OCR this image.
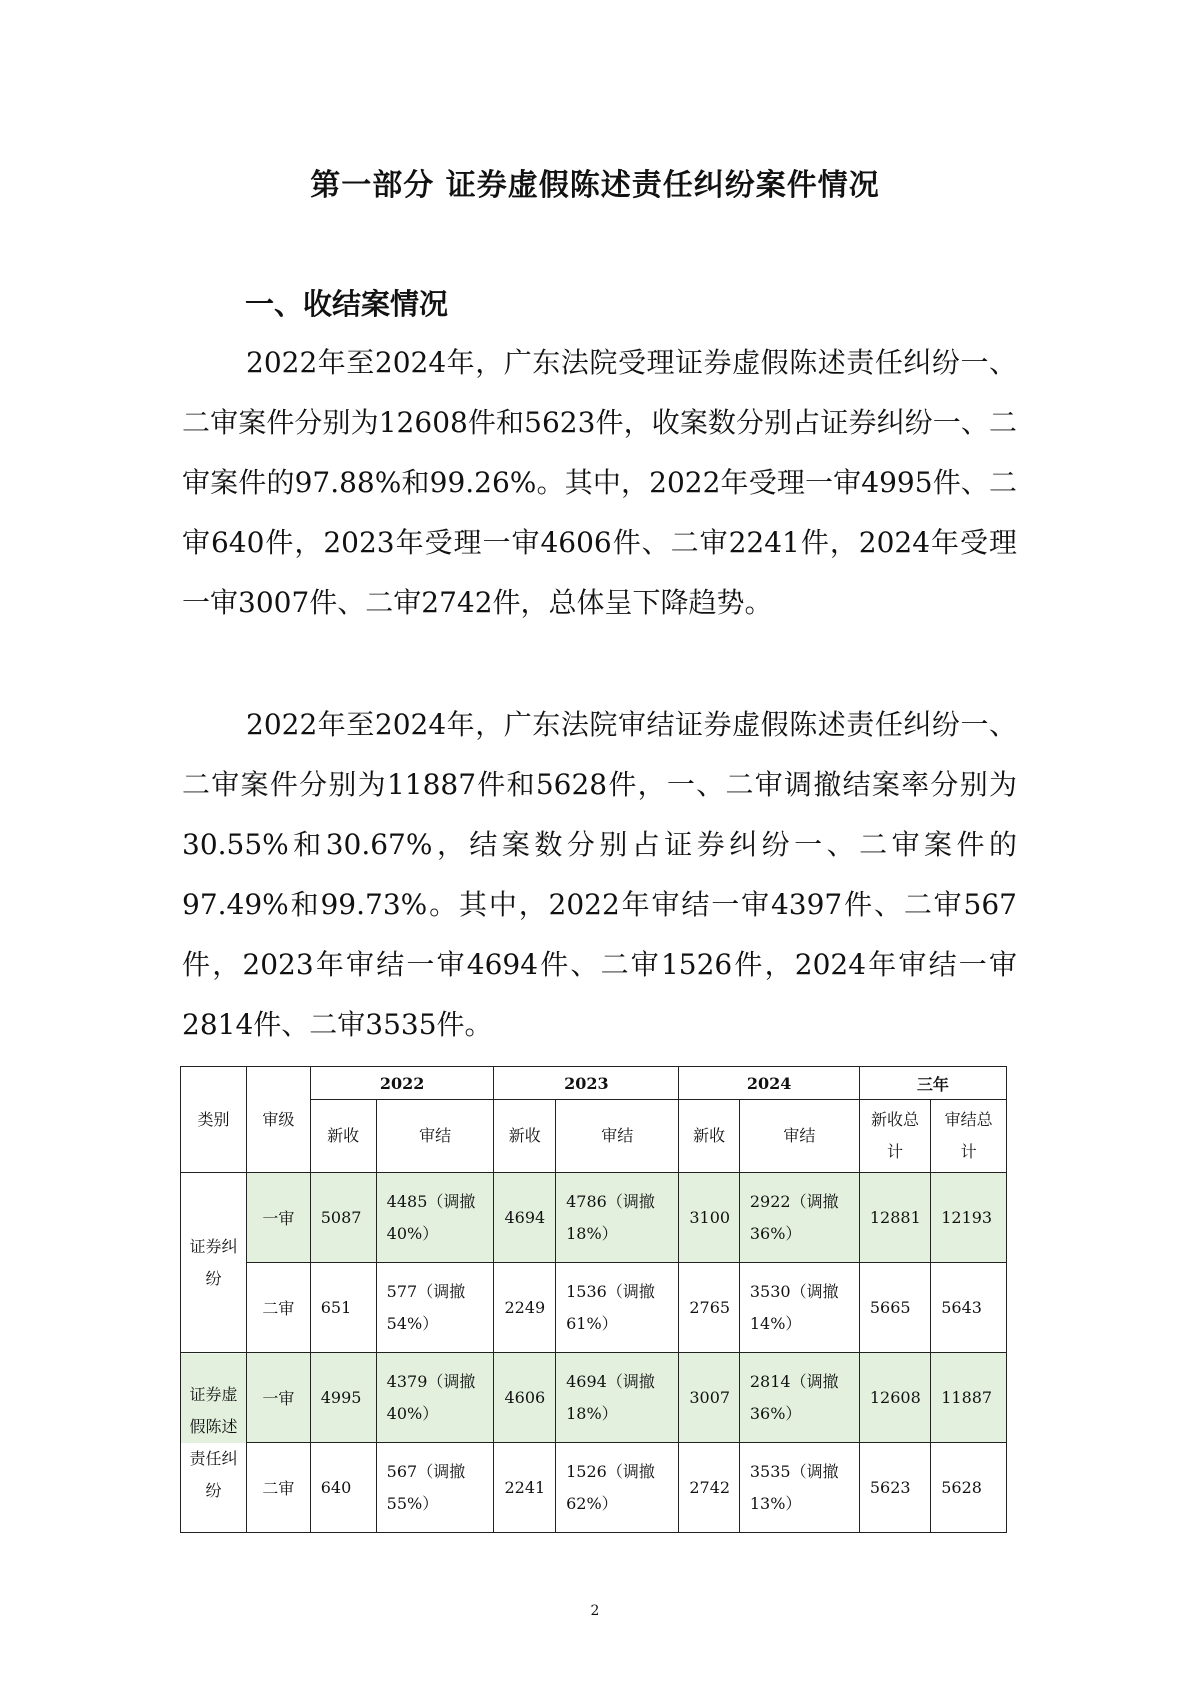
第一部分 证券虚假陈述责任纠纷案件情况
一、收结案情况
2022年至2024年，广东法院受理证券虚假陈述责任纠纷一、二审案件分别为12608件和5623件，收案数分别占证券纠纷一、二审案件的97.88%和99.26%。其中，2022年受理一审4995件、二审640件，2023年受理一审4606件、二审2241件，2024年受理一审3007件、二审2742件，总体呈下降趋势。
2022年至2024年，广东法院审结证券虚假陈述责任纠纷一、二审案件分别为11887件和5628件，一、二审调撤结案率分别为30.55%和30.67%，结案数分别占证券纠纷一、二审案件的97.49%和99.73%。其中，2022年审结一审4397件、二审567件，2023年审结一审4694件、二审1526件，2024年审结一审2814件、二审3535件。
类别	审级	2022		2023		2024		三年	
		新收	审结	新收	审结	新收	审结	新收总计	审结总计
证券纠纷	一审	5087	4485（调撤40%）	4694	4786（调撤18%）	3100	2922（调撤36%）	12881	12193
	二审	651	577（调撤54%）	2249	1536（调撤61%）	2765	3530（调撤14%）	5665	5643
证券虚假陈述责任纠纷	一审	4995	4379（调撤40%）	4606	4694（调撤18%）	3007	2814（调撤36%）	12608	11887
	二审	640	567（调撤55%）	2241	1526（调撤62%）	2742	3535（调撤13%）	5623	5628
2
